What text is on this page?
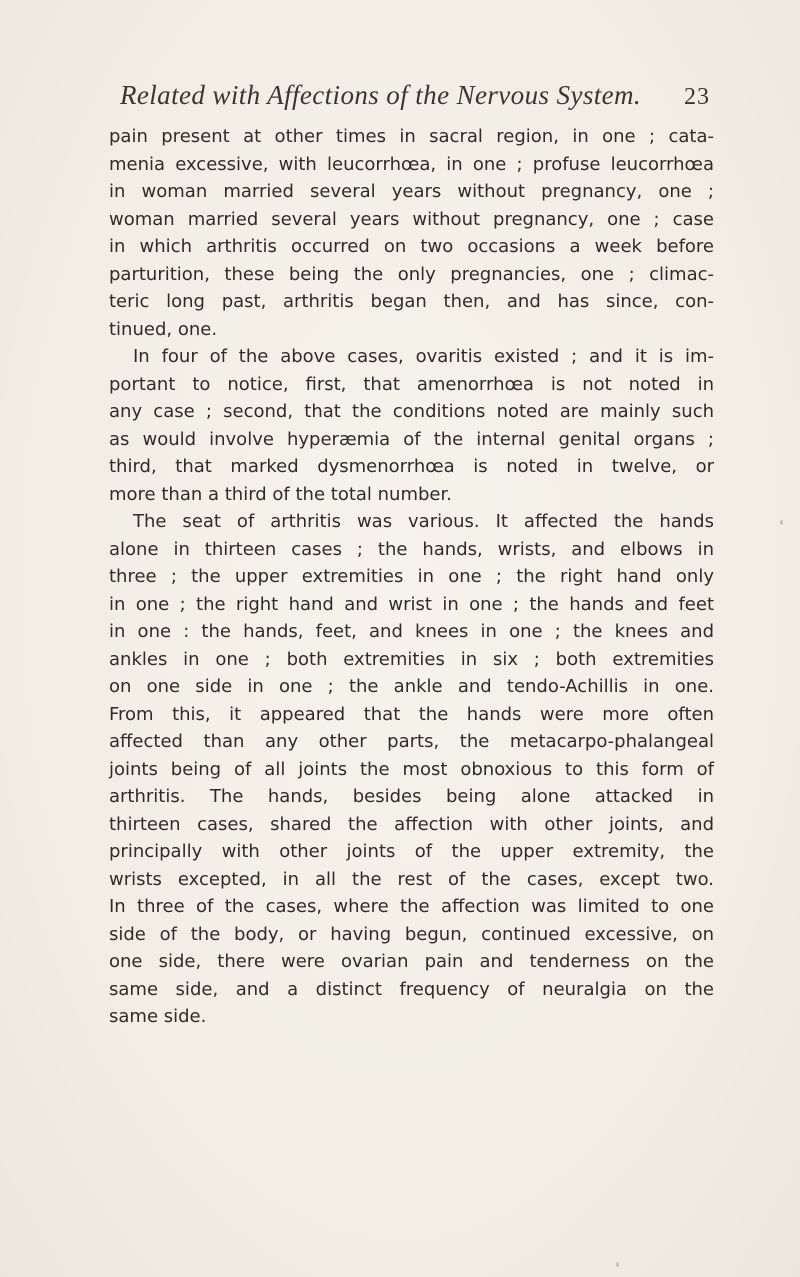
Related with Affections of the Nervous System. 23
pain present at other times in sacral region, in one ; cata-
menia excessive, with leucorrhœa, in one ; profuse leucorrhœa
in woman married several years without pregnancy, one ;
woman married several years without pregnancy, one ; case
in which arthritis occurred on two occasions a week before
parturition, these being the only pregnancies, one ; climac-
teric long past, arthritis began then, and has since, con-
tinued, one.
In four of the above cases, ovaritis existed ; and it is im-
portant to notice, first, that amenorrhœa is not noted in
any case ; second, that the conditions noted are mainly such
as would involve hyperæmia of the internal genital organs ;
third, that marked dysmenorrhœa is noted in twelve, or
more than a third of the total number.
The seat of arthritis was various. It affected the hands
alone in thirteen cases ; the hands, wrists, and elbows in
three ; the upper extremities in one ; the right hand only
in one ; the right hand and wrist in one ; the hands and feet
in one : the hands, feet, and knees in one ; the knees and
ankles in one ; both extremities in six ; both extremities
on one side in one ; the ankle and tendo-Achillis in one.
From this, it appeared that the hands were more often
affected than any other parts, the metacarpo-phalangeal
joints being of all joints the most obnoxious to this form of
arthritis. The hands, besides being alone attacked in
thirteen cases, shared the affection with other joints, and
principally with other joints of the upper extremity, the
wrists excepted, in all the rest of the cases, except two.
In three of the cases, where the affection was limited to one
side of the body, or having begun, continued excessive, on
one side, there were ovarian pain and tenderness on the
same side, and a distinct frequency of neuralgia on the
same side.
